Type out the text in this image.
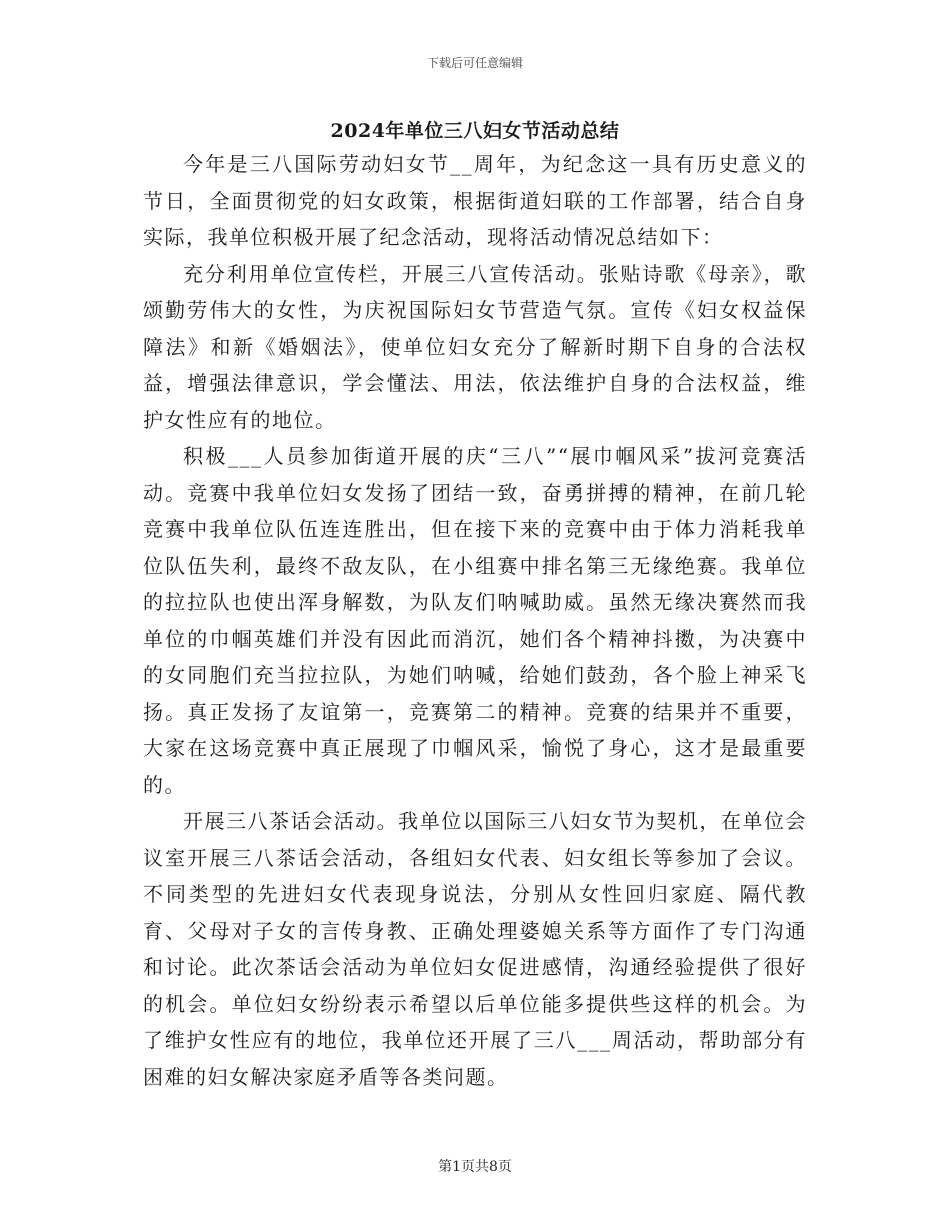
下载后可任意编辑
2024年单位三八妇女节活动总结

今年是三八国际劳动妇女节__周年，为纪念这一具有历史意义的节日，全面贯彻党的妇女政策，根据街道妇联的工作部署，结合自身实际，我单位积极开展了纪念活动，现将活动情况总结如下：

充分利用单位宣传栏，开展三八宣传活动。张贴诗歌《母亲》，歌颂勤劳伟大的女性，为庆祝国际妇女节营造气氛。宣传《妇女权益保障法》和新《婚姻法》，使单位妇女充分了解新时期下自身的合法权益，增强法律意识，学会懂法、用法，依法维护自身的合法权益，维护女性应有的地位。

积极___人员参加街道开展的庆“三八”“展巾帼风采”拔河竞赛活动。竞赛中我单位妇女发扬了团结一致，奋勇拼搏的精神，在前几轮竞赛中我单位队伍连连胜出，但在接下来的竞赛中由于体力消耗我单位队伍失利，最终不敌友队，在小组赛中排名第三无缘绝赛。我单位的拉拉队也使出浑身解数，为队友们呐喊助威。虽然无缘决赛然而我单位的巾帼英雄们并没有因此而消沉，她们各个精神抖擞，为决赛中的女同胞们充当拉拉队，为她们呐喊，给她们鼓劲，各个脸上神采飞扬。真正发扬了友谊第一，竞赛第二的精神。竞赛的结果并不重要，大家在这场竞赛中真正展现了巾帼风采，愉悦了身心，这才是最重要的。

开展三八茶话会活动。我单位以国际三八妇女节为契机，在单位会议室开展三八茶话会活动，各组妇女代表、妇女组长等参加了会议。不同类型的先进妇女代表现身说法，分别从女性回归家庭、隔代教育、父母对子女的言传身教、正确处理婆媳关系等方面作了专门沟通和讨论。此次茶话会活动为单位妇女促进感情，沟通经验提供了很好的机会。单位妇女纷纷表示希望以后单位能多提供些这样的机会。为了维护女性应有的地位，我单位还开展了三八___周活动，帮助部分有困难的妇女解决家庭矛盾等各类问题。

第1页共8页
